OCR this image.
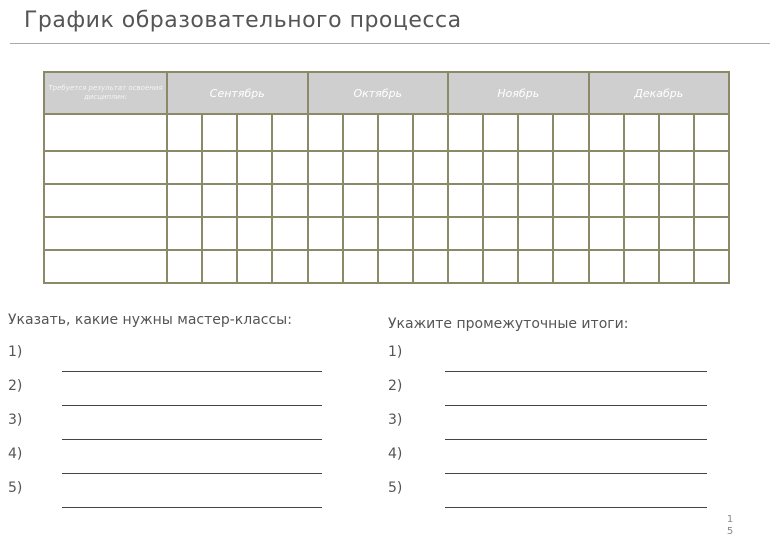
График образовательного процесса
Требуется результат освоения дисциплин:	Сентябрь				Октябрь				Ноябрь				Декабрь			

Указать, какие нужны мастер-классы:
1)
2)
3)
4)
5)
Укажите промежуточные итоги:
1)
2)
3)
4)
5)
1
5
